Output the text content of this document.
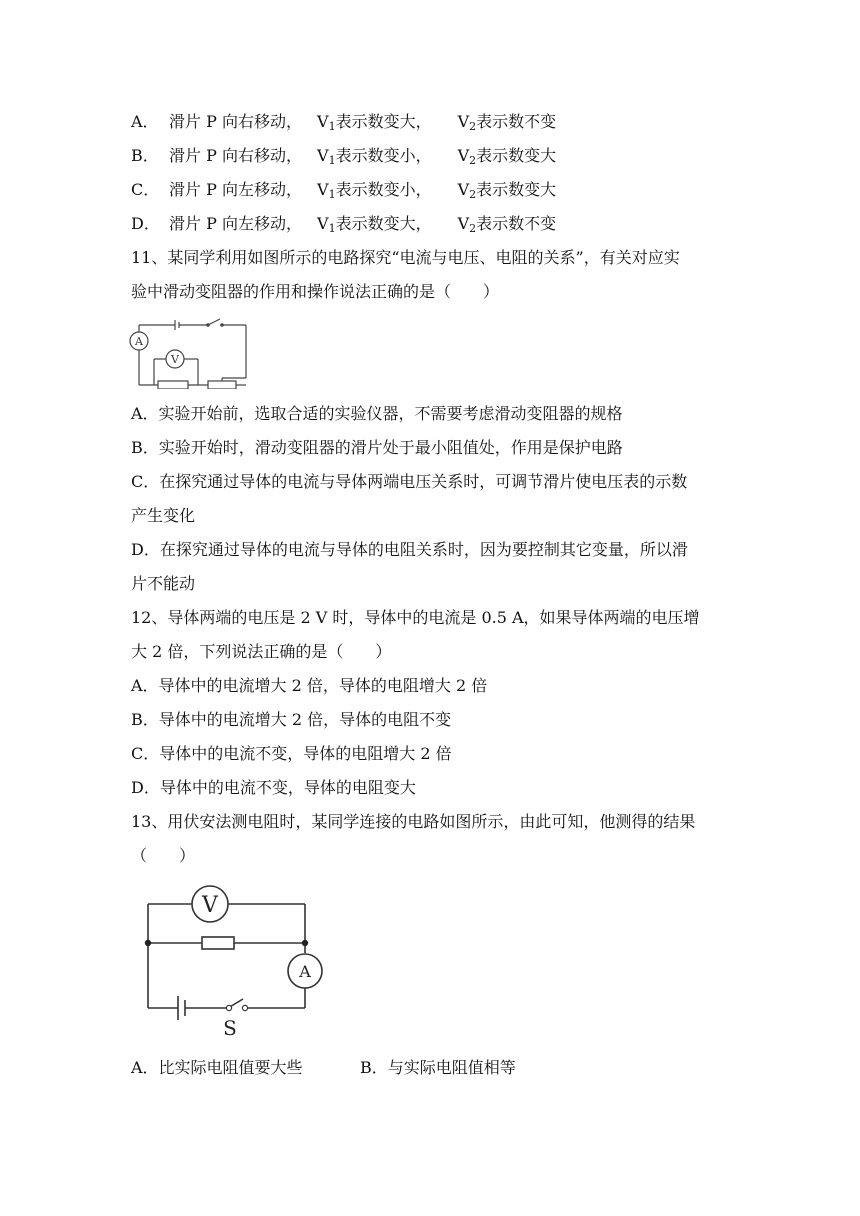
A． 滑片 P 向右移动， $V_1$表示数变大， $V_2$表示数不变
B． 滑片 P 向右移动， $V_1$表示数变小， $V_2$表示数变大
C． 滑片 P 向左移动， $V_1$表示数变小， $V_2$表示数变大
D． 滑片 P 向左移动， $V_1$表示数变大， $V_2$表示数不变
11、某同学利用如图所示的电路探究“电流与电压、电阻的关系”，有关对应实
验中滑动变阻器的作用和操作说法正确的是（　　）
A
V
A．实验开始前，选取合适的实验仪器，不需要考虑滑动变阻器的规格
B．实验开始时，滑动变阻器的滑片处于最小阻值处，作用是保护电路
C．在探究通过导体的电流与导体两端电压关系时，可调节滑片使电压表的示数
产生变化
D．在探究通过导体的电流与导体的电阻关系时，因为要控制其它变量，所以滑
片不能动
12、导体两端的电压是 2 V 时，导体中的电流是 0.5 A，如果导体两端的电压增
大 2 倍，下列说法正确的是（　　）
A．导体中的电流增大 2 倍，导体的电阻增大 2 倍
B．导体中的电流增大 2 倍，导体的电阻不变
C．导体中的电流不变，导体的电阻增大 2 倍
D．导体中的电流不变，导体的电阻变大
13、用伏安法测电阻时，某同学连接的电路如图所示，由此可知，他测得的结果
（　　）
V
A
S
A．比实际电阻值要大些	B．与实际电阻值相等
